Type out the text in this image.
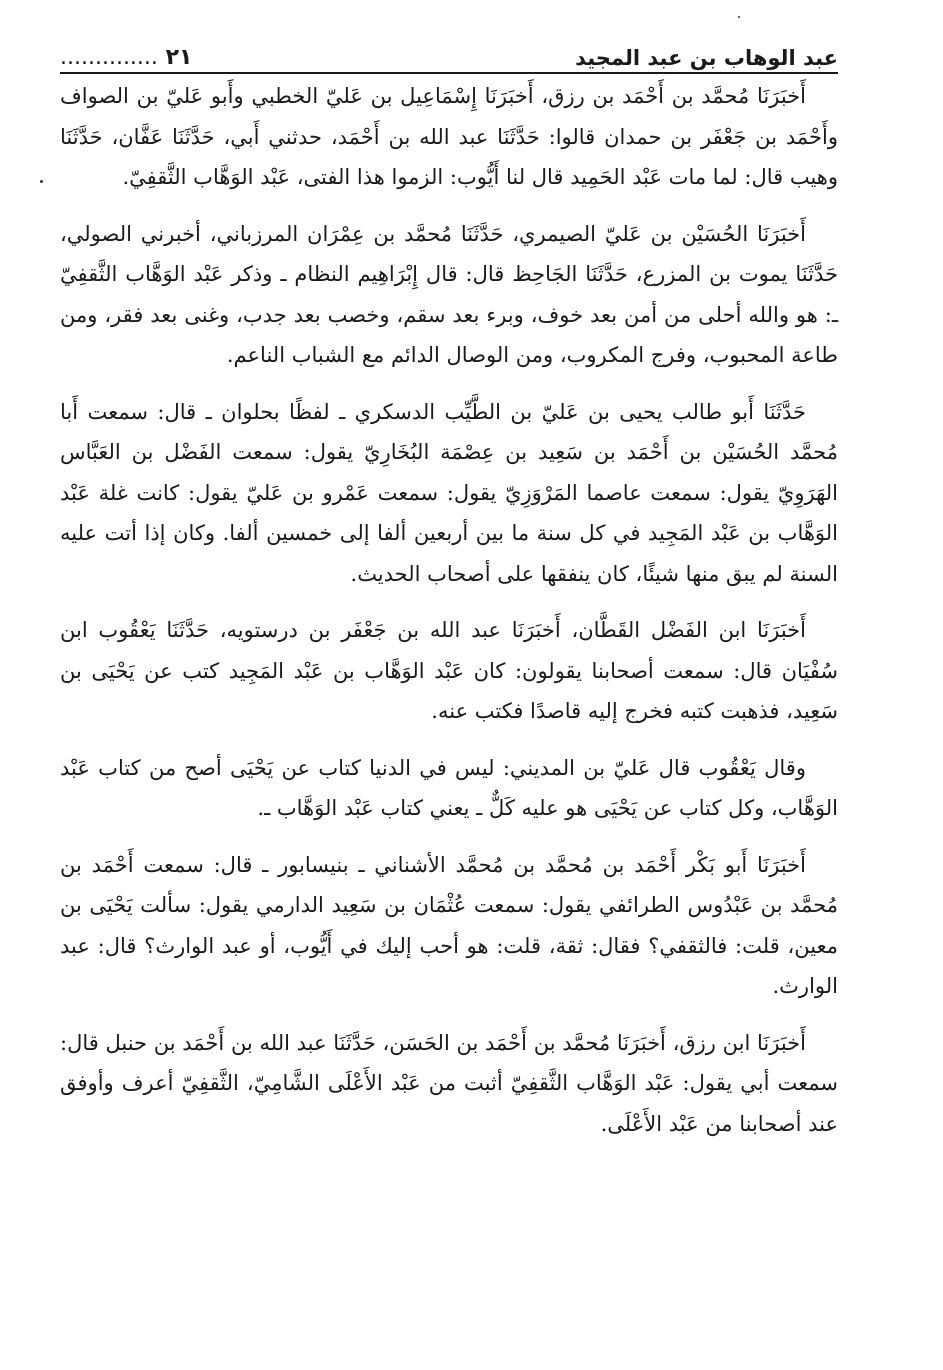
عبد الوهاب بن عبد المجيد
.............. ٢١

أَخبَرَنَا مُحمَّد بن أَحْمَد بن رزق، أَخبَرَنَا إِسْمَاعِيل بن عَليّ الخطبي وأَبو عَليّ بن الصواف وأَحْمَد بن جَعْفَر بن حمدان قالوا: حَدَّثَنَا عبد الله بن أَحْمَد، حدثني أَبي، حَدَّثَنَا عَفَّان، حَدَّثَنَا وهيب قال: لما مات عَبْد الحَمِيد قال لنا أَيُّوب: الزموا هذا الفتى، عَبْد الوَهَّاب الثَّقفِيّ.

أَخبَرَنَا الحُسَيْن بن عَليّ الصيمري، حَدَّثَنَا مُحمَّد بن عِمْرَان المرزباني، أخبرني الصولي، حَدَّثَنَا يموت بن المزرع، حَدَّثَنَا الجَاحِظ قال: قال إِبْرَاهِيم النظام ـ وذكر عَبْد الوَهَّاب الثَّقفِيّ ـ: هو والله أحلى من أمن بعد خوف، وبرء بعد سقم، وخصب بعد جدب، وغنى بعد فقر، ومن طاعة المحبوب، وفرج المكروب، ومن الوصال الدائم مع الشباب الناعم.

حَدَّثَنَا أَبو طالب يحيى بن عَليّ بن الطَّيِّب الدسكري ـ لفظًا بحلوان ـ قال: سمعت أَبا مُحمَّد الحُسَيْن بن أَحْمَد بن سَعِيد بن عِصْمَة البُخَارِيّ يقول: سمعت الفَضْل بن العَبَّاس الهَرَوِيّ يقول: سمعت عاصما المَرْوَزِيّ يقول: سمعت عَمْرو بن عَليّ يقول: كانت غلة عَبْد الوَهَّاب بن عَبْد المَجِيد في كل سنة ما بين أربعين ألفا إلى خمسين ألفا. وكان إذا أتت عليه السنة لم يبق منها شيئًا، كان ينفقها على أصحاب الحديث.

أَخبَرَنَا ابن الفَضْل القَطَّان، أَخبَرَنَا عبد الله بن جَعْفَر بن درستويه، حَدَّثَنَا يَعْقُوب ابن سُفْيَان قال: سمعت أصحابنا يقولون: كان عَبْد الوَهَّاب بن عَبْد المَجِيد كتب عن يَحْيَى بن سَعِيد، فذهبت كتبه فخرج إليه قاصدًا فكتب عنه.

وقال يَعْقُوب قال عَليّ بن المديني: ليس في الدنيا كتاب عن يَحْيَى أصح من كتاب عَبْد الوَهَّاب، وكل كتاب عن يَحْيَى هو عليه كَلٌّ ـ يعني كتاب عَبْد الوَهَّاب ـ.

أَخبَرَنَا أَبو بَكْر أَحْمَد بن مُحمَّد بن مُحمَّد الأشناني ـ بنيسابور ـ قال: سمعت أَحْمَد بن مُحمَّد بن عَبْدُوس الطرائفي يقول: سمعت عُثْمَان بن سَعِيد الدارمي يقول: سألت يَحْيَى بن معين، قلت: فالثقفي؟ فقال: ثقة، قلت: هو أحب إليك في أَيُّوب، أو عبد الوارث؟ قال: عبد الوارث.

أَخبَرَنَا ابن رزق، أَخبَرَنَا مُحمَّد بن أَحْمَد بن الحَسَن، حَدَّثَنَا عبد الله بن أَحْمَد بن حنبل قال: سمعت أبي يقول: عَبْد الوَهَّاب الثَّقفِيّ أثبت من عَبْد الأَعْلَى الشَّامِيّ، الثَّقفِيّ أعرف وأوفق عند أصحابنا من عَبْد الأَعْلَى.
